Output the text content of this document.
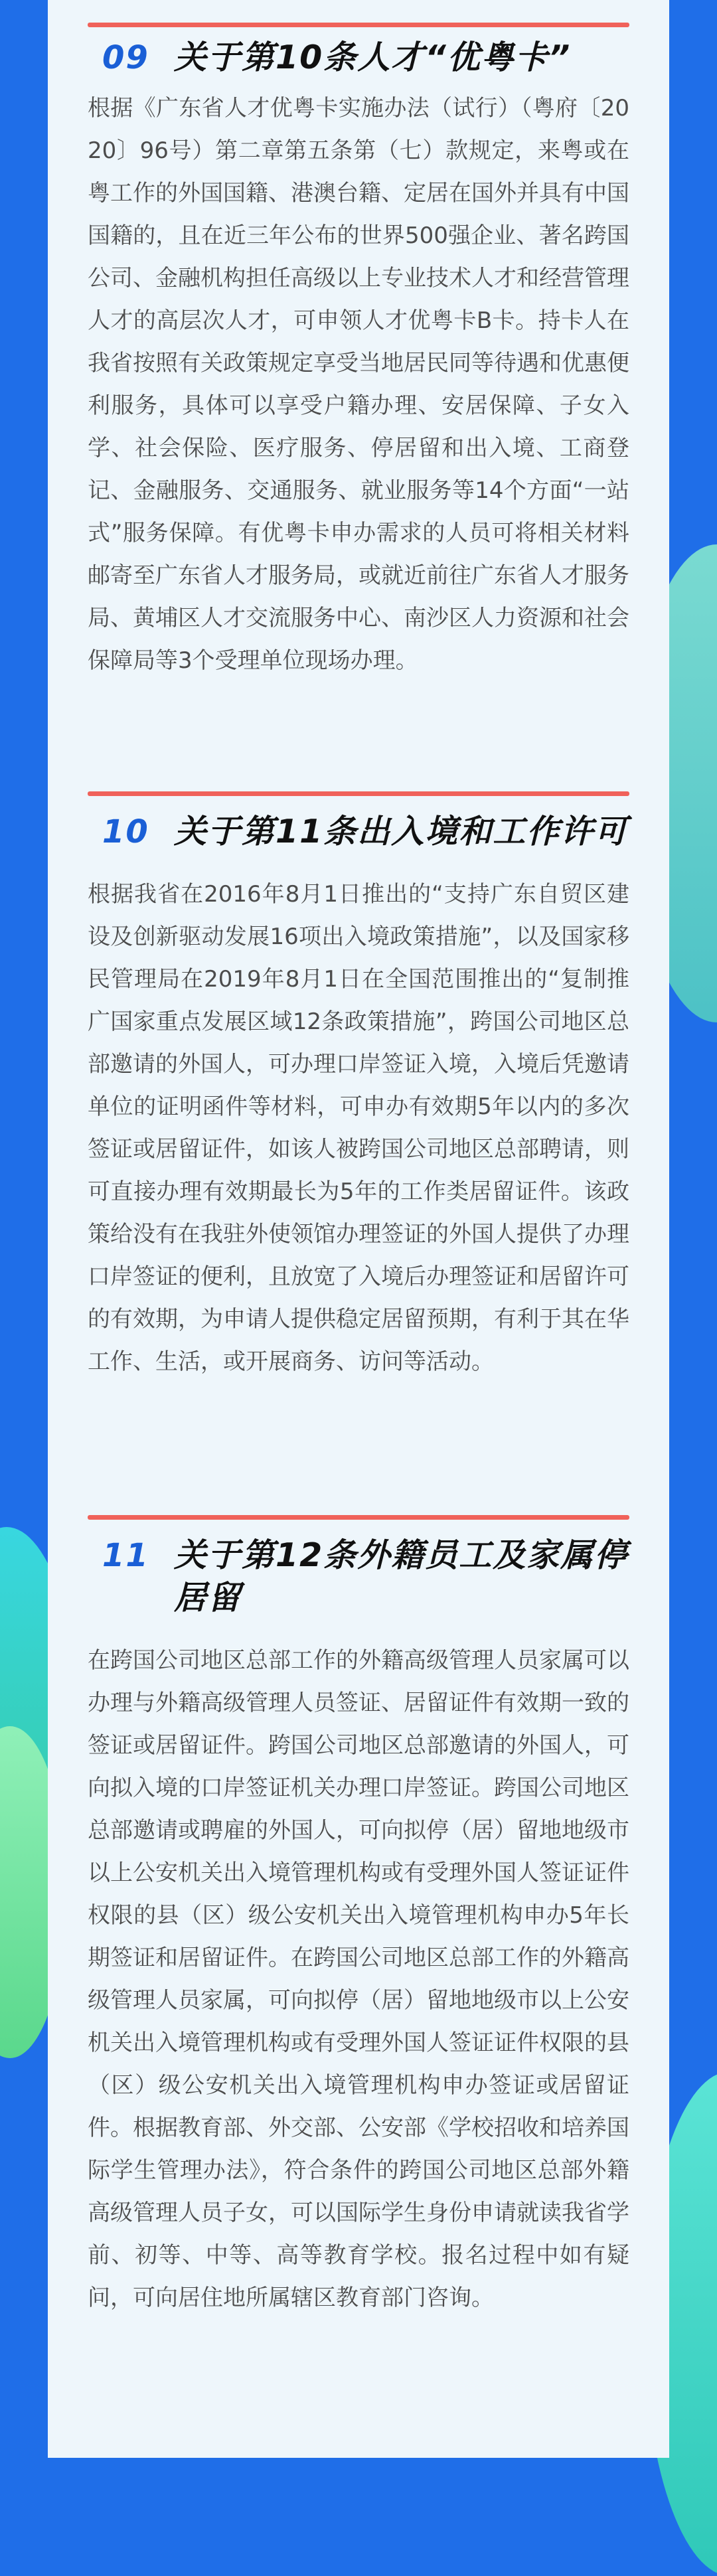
09 关于第10条人才“优粤卡”
根据《广东省人才优粤卡实施办法（试行）（粤府〔2020〕96号）第二章第五条第（七）款规定，来粤或在粤工作的外国国籍、港澳台籍、定居在国外并具有中国国籍的，且在近三年公布的世界500强企业、著名跨国公司、金融机构担任高级以上专业技术人才和经营管理人才的高层次人才，可申领人才优粤卡B卡。持卡人在我省按照有关政策规定享受当地居民同等待遇和优惠便利服务，具体可以享受户籍办理、安居保障、子女入学、社会保险、医疗服务、停居留和出入境、工商登记、金融服务、交通服务、就业服务等14个方面“一站式”服务保障。有优粤卡申办需求的人员可将相关材料邮寄至广东省人才服务局，或就近前往广东省人才服务局、黄埔区人才交流服务中心、南沙区人力资源和社会保障局等3个受理单位现场办理。
10 关于第11条出入境和工作许可
根据我省在2016年8月1日推出的“支持广东自贸区建设及创新驱动发展16项出入境政策措施”，以及国家移民管理局在2019年8月1日在全国范围推出的“复制推广国家重点发展区域12条政策措施”，跨国公司地区总部邀请的外国人，可办理口岸签证入境，入境后凭邀请单位的证明函件等材料，可申办有效期5年以内的多次签证或居留证件，如该人被跨国公司地区总部聘请，则可直接办理有效期最长为5年的工作类居留证件。该政策给没有在我驻外使领馆办理签证的外国人提供了办理口岸签证的便利，且放宽了入境后办理签证和居留许可的有效期，为申请人提供稳定居留预期，有利于其在华工作、生活，或开展商务、访问等活动。
11 关于第12条外籍员工及家属停居留
在跨国公司地区总部工作的外籍高级管理人员家属可以办理与外籍高级管理人员签证、居留证件有效期一致的签证或居留证件。跨国公司地区总部邀请的外国人，可向拟入境的口岸签证机关办理口岸签证。跨国公司地区总部邀请或聘雇的外国人，可向拟停（居）留地地级市以上公安机关出入境管理机构或有受理外国人签证证件权限的县（区）级公安机关出入境管理机构申办5年长期签证和居留证件。在跨国公司地区总部工作的外籍高级管理人员家属，可向拟停（居）留地地级市以上公安机关出入境管理机构或有受理外国人签证证件权限的县（区）级公安机关出入境管理机构申办签证或居留证件。根据教育部、外交部、公安部《学校招收和培养国际学生管理办法》，符合条件的跨国公司地区总部外籍高级管理人员子女，可以国际学生身份申请就读我省学前、初等、中等、高等教育学校。报名过程中如有疑问，可向居住地所属辖区教育部门咨询。
